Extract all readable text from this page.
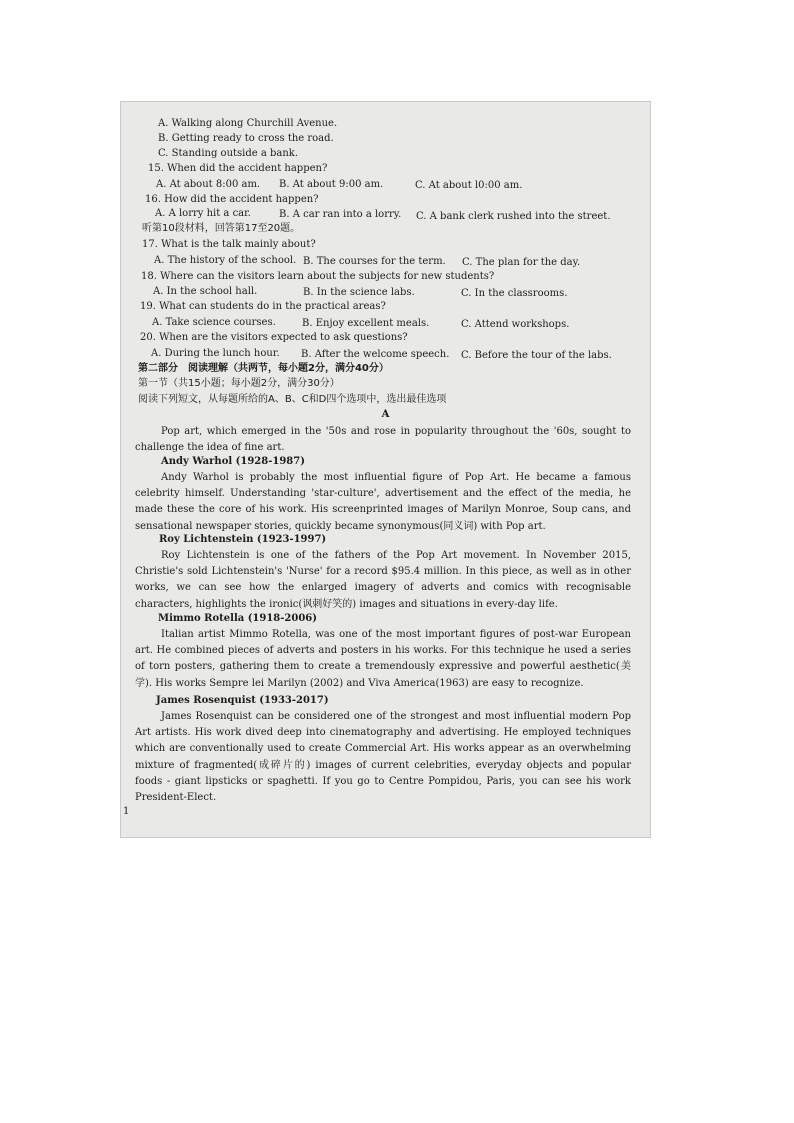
A. Walking along Churchill Avenue.
B. Getting ready to cross the road.
C. Standing outside a bank.
15. When did the accident happen?
A. At about 8:00 am. B. At about 9:00 am.	C. At about l0:00 am.
16. How did the accident happen?
A. A lorry hit a car.	B. A car ran into a lorry. C. A bank clerk rushed into the street.
听第10段材料，回答第17至20题。
17. What is the talk mainly about?
A. The history of the school. B. The courses for the term. C. The plan for the day.
18. Where can the visitors learn about the subjects for new students?
A. In the school hall.	B. In the science labs.	C. In the classrooms.
19. What can students do in the practical areas?
A. Take science courses.	B. Enjoy excellent meals.	C. Attend workshops.
20. When are the visitors expected to ask questions?
A. During the lunch hour. B. After the welcome speech. C. Before the tour of the labs.
第二部分　阅读理解（共两节，每小题2分，满分40分）
第一节（共15小题；每小题2分，满分30分）
阅读下列短文，从每题所给的A、B、C和D四个选项中，选出最佳选项
A
Pop art, which emerged in the '50s and rose in popularity throughout the '60s, sought to challenge the idea of fine art.
Andy Warhol (1928-1987)
Andy Warhol is probably the most influential figure of Pop Art. He became a famous celebrity himself. Understanding 'star-culture', advertisement and the effect of the media, he made these the core of his work. His screenprinted images of Marilyn Monroe, Soup cans, and sensational newspaper stories, quickly became synonymous(同义词) with Pop art.
Roy Lichtenstein (1923-1997)
Roy Lichtenstein is one of the fathers of the Pop Art movement. In November 2015, Christie's sold Lichtenstein's 'Nurse' for a record $95.4 million. In this piece, as well as in other works, we can see how the enlarged imagery of adverts and comics with recognisable characters, highlights the ironic(讽刺好笑的) images and situations in every-day life.
Mimmo Rotella (1918-2006)
Italian artist Mimmo Rotella, was one of the most important figures of post-war European art. He combined pieces of adverts and posters in his works. For this technique he used a series of torn posters, gathering them to create a tremendously expressive and powerful aesthetic(美学). His works Sempre lei Marilyn (2002) and Viva America(1963) are easy to recognize.
James Rosenquist (1933-2017)
James Rosenquist can be considered one of the strongest and most influential modern Pop Art artists. His work dived deep into cinematography and advertising. He employed techniques which are conventionally used to create Commercial Art. His works appear as an overwhelming mixture of fragmented(成碎片的) images of current celebrities, everyday objects and popular foods - giant lipsticks or spaghetti. If you go to Centre Pompidou, Paris, you can see his work President-Elect.
1
